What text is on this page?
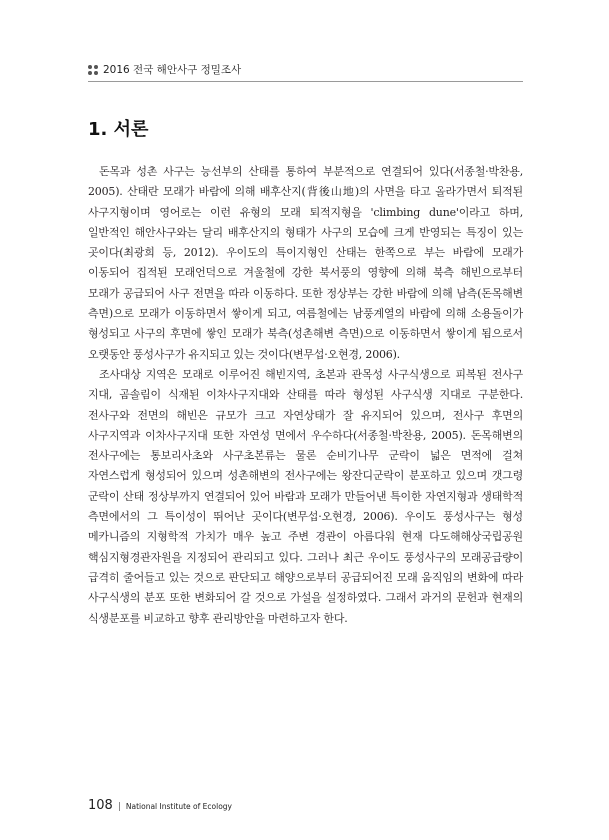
2016 전국 해안사구 정밀조사
1. 서론

돈목과 성촌 사구는 능선부의 산태를 통하여 부분적으로 연결되어 있다(서종철·박찬용, 2005). 산태란 모래가 바람에 의해 배후산지(背後山地)의 사면을 타고 올라가면서 퇴적된 사구지형이며 영어로는 이런 유형의 모래 퇴적지형을 'climbing dune'이라고 하며, 일반적인 해안사구와는 달리 배후산지의 형태가 사구의 모습에 크게 반영되는 특징이 있는 곳이다(최광희 등, 2012). 우이도의 특이지형인 산태는 한쪽으로 부는 바람에 모래가 이동되어 집적된 모래언덕으로 겨울철에 강한 북서풍의 영향에 의해 북측 해빈으로부터 모래가 공급되어 사구 전면을 따라 이동하다. 또한 정상부는 강한 바람에 의해 남측(돈목해변 측면)으로 모래가 이동하면서 쌓이게 되고, 여름철에는 남풍계열의 바람에 의해 소용돌이가 형성되고 사구의 후면에 쌓인 모래가 북측(성촌해변 측면)으로 이동하면서 쌓이게 됨으로서 오랫동안 풍성사구가 유지되고 있는 것이다(변무섭·오현경, 2006).

조사대상 지역은 모래로 이루어진 해빈지역, 초본과 관목성 사구식생으로 피복된 전사구 지대, 곰솔림이 식재된 이차사구지대와 산태를 따라 형성된 사구식생 지대로 구분한다. 전사구와 전면의 해빈은 규모가 크고 자연상태가 잘 유지되어 있으며, 전사구 후면의 사구지역과 이차사구지대 또한 자연성 면에서 우수하다(서종철·박찬용, 2005). 돈목해변의 전사구에는 통보리사초와 사구초본류는 물론 순비기나무 군락이 넓은 면적에 걸쳐 자연스럽게 형성되어 있으며 성촌해변의 전사구에는 왕잔디군락이 분포하고 있으며 갯그령 군락이 산태 정상부까지 연결되어 있어 바람과 모래가 만들어낸 특이한 자연지형과 생태학적 측면에서의 그 특이성이 뛰어난 곳이다(변무섭·오현경, 2006). 우이도 풍성사구는 형성 메카니즘의 지형학적 가치가 매우 높고 주변 경관이 아름다워 현재 다도해해상국립공원 핵심지형경관자원을 지정되어 관리되고 있다. 그러나 최근 우이도 풍성사구의 모래공급량이 급격히 줄어들고 있는 것으로 판단되고 해양으로부터 공급되어진 모래 움직임의 변화에 따라 사구식생의 분포 또한 변화되어 갈 것으로 가설을 설정하였다. 그래서 과거의 문헌과 현재의 식생분포를 비교하고 향후 관리방안을 마련하고자 한다.

108 | National Institute of Ecology
